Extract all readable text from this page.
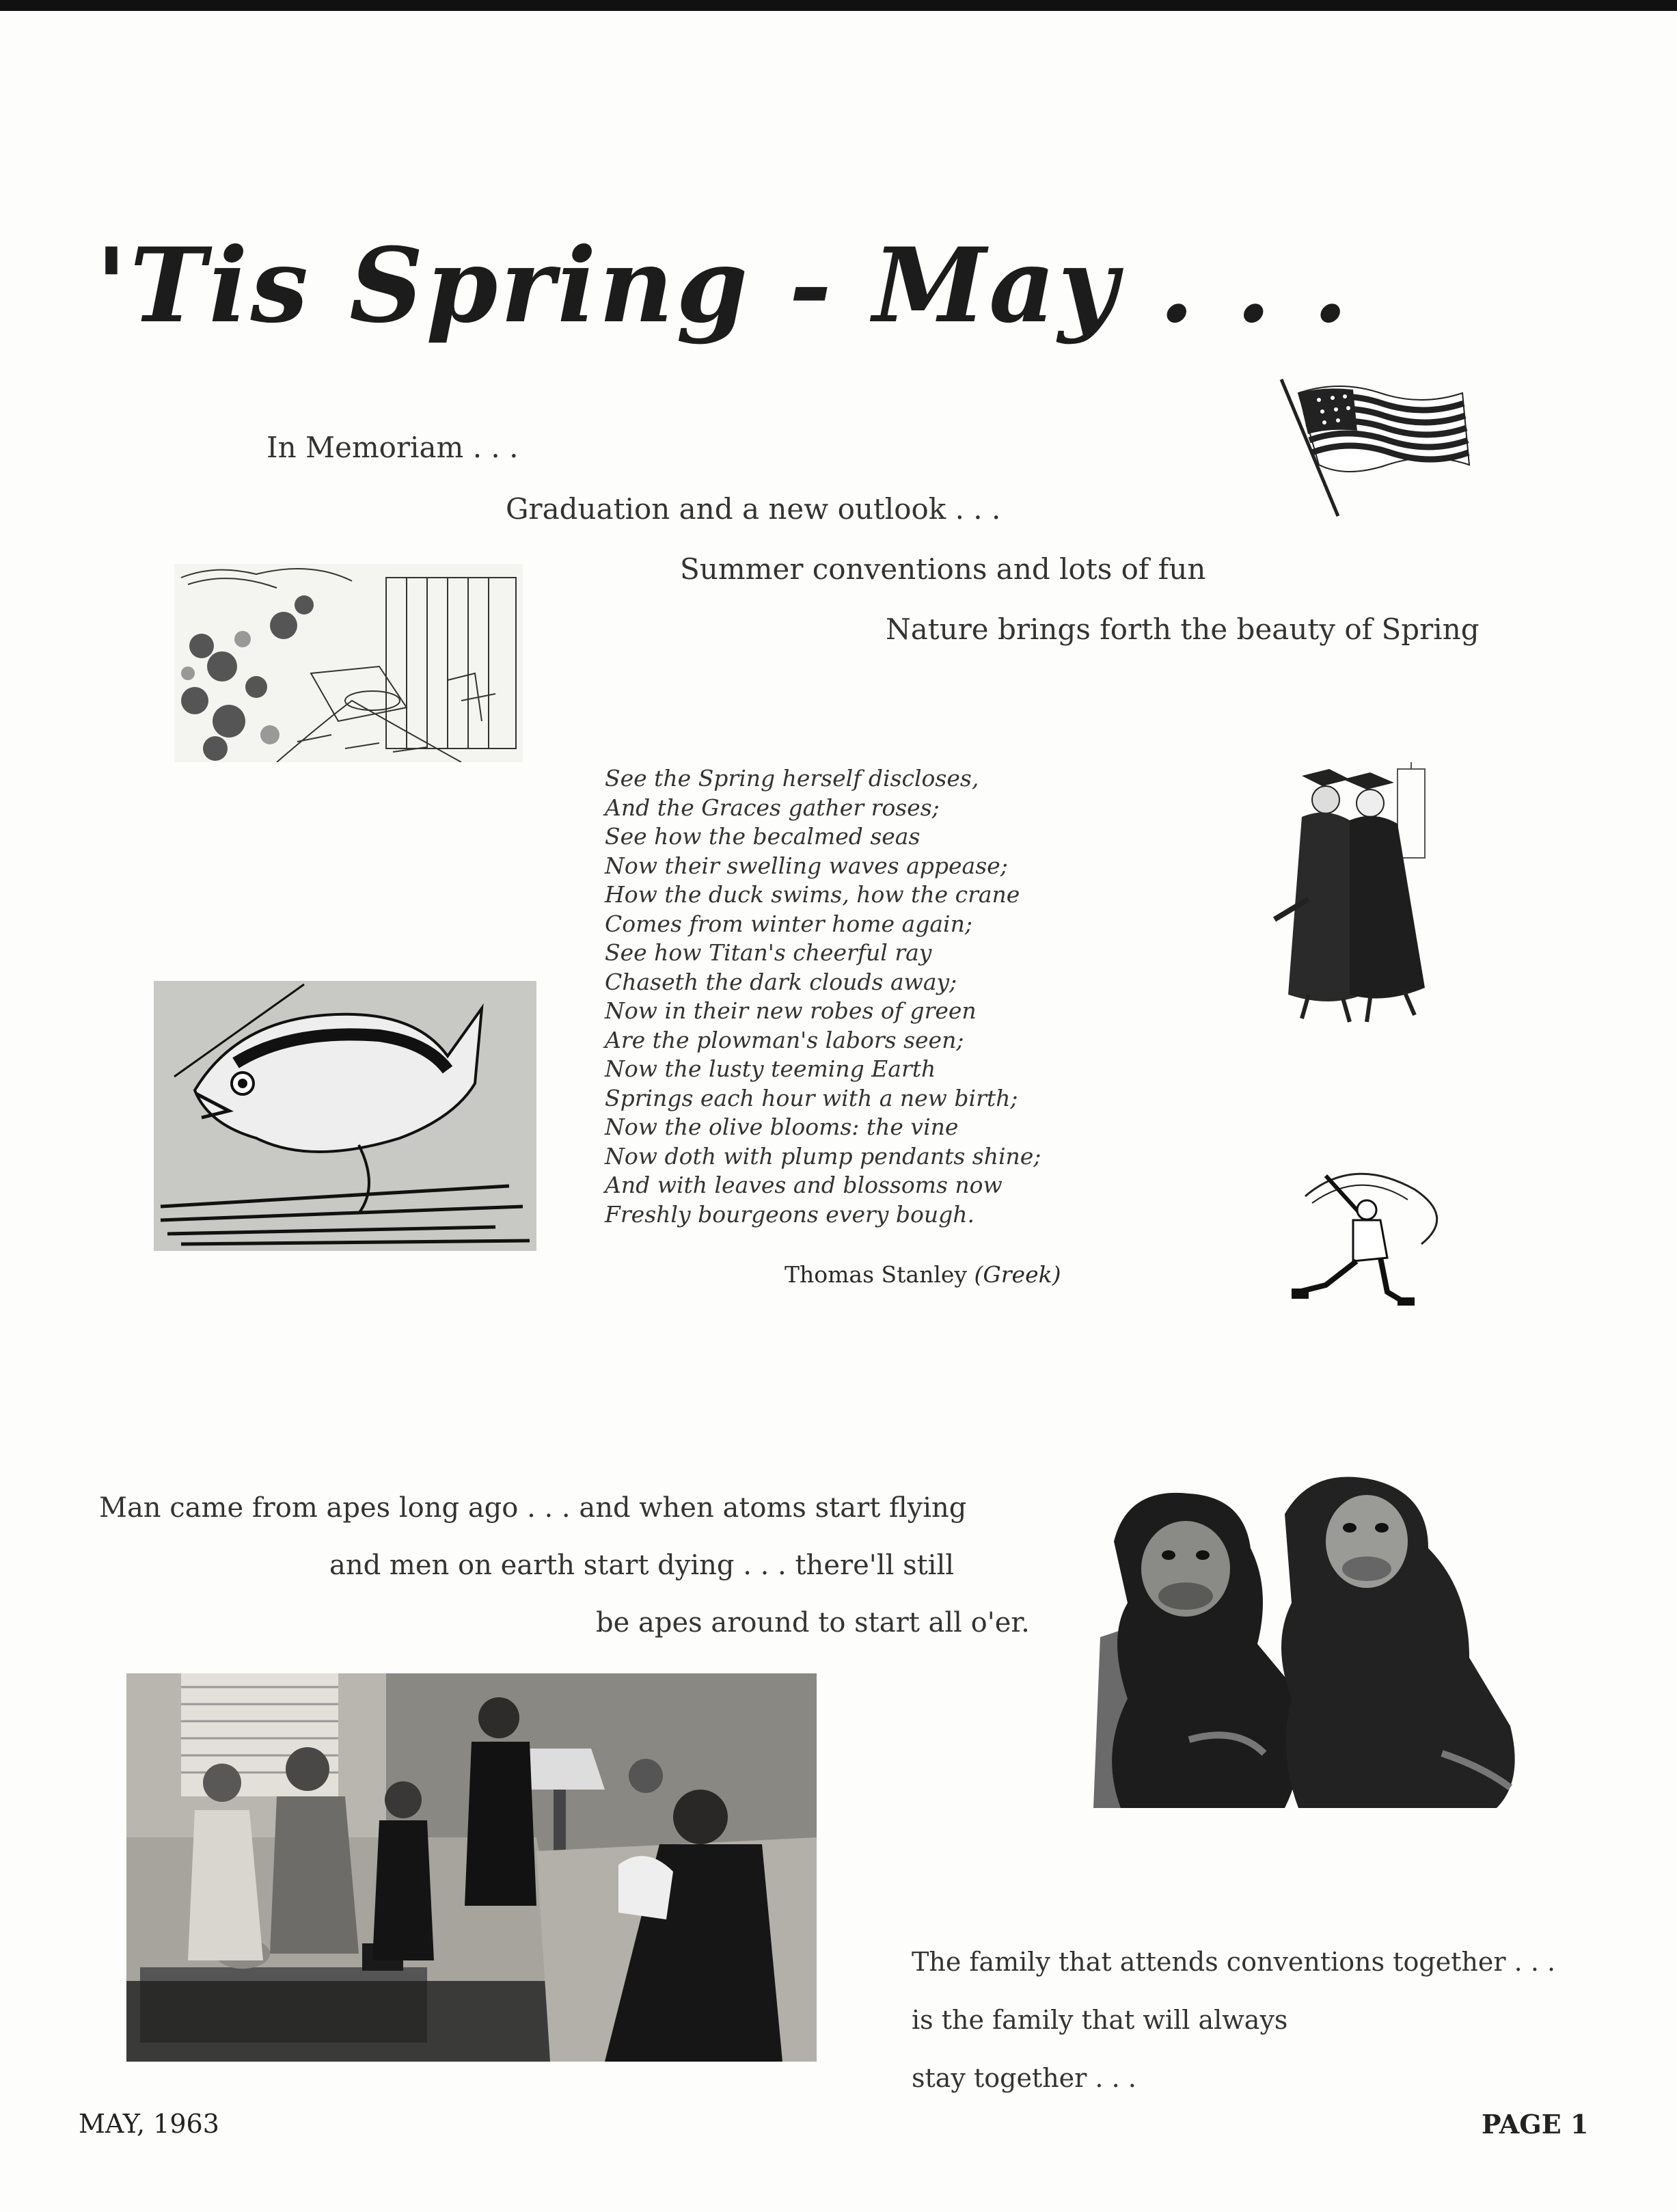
'Tis Spring - May . . .
In Memoriam . . .
Graduation and a new outlook . . .
Summer conventions and lots of fun
Nature brings forth the beauty of Spring
See the Spring herself discloses,
And the Graces gather roses;
See how the becalmed seas
Now their swelling waves appease;
How the duck swims, how the crane
Comes from winter home again;
See how Titan's cheerful ray
Chaseth the dark clouds away;
Now in their new robes of green
Are the plowman's labors seen;
Now the lusty teeming Earth
Springs each hour with a new birth;
Now the olive blooms: the vine
Now doth with plump pendants shine;
And with leaves and blossoms now
Freshly bourgeons every bough.
Thomas Stanley (Greek)
Man came from apes long ago . . . and when atoms start flying
and men on earth start dying . . . there'll still
be apes around to start all o'er.
The family that attends conventions together . . .
is the family that will always
stay together . . .
MAY, 1963	PAGE 1
